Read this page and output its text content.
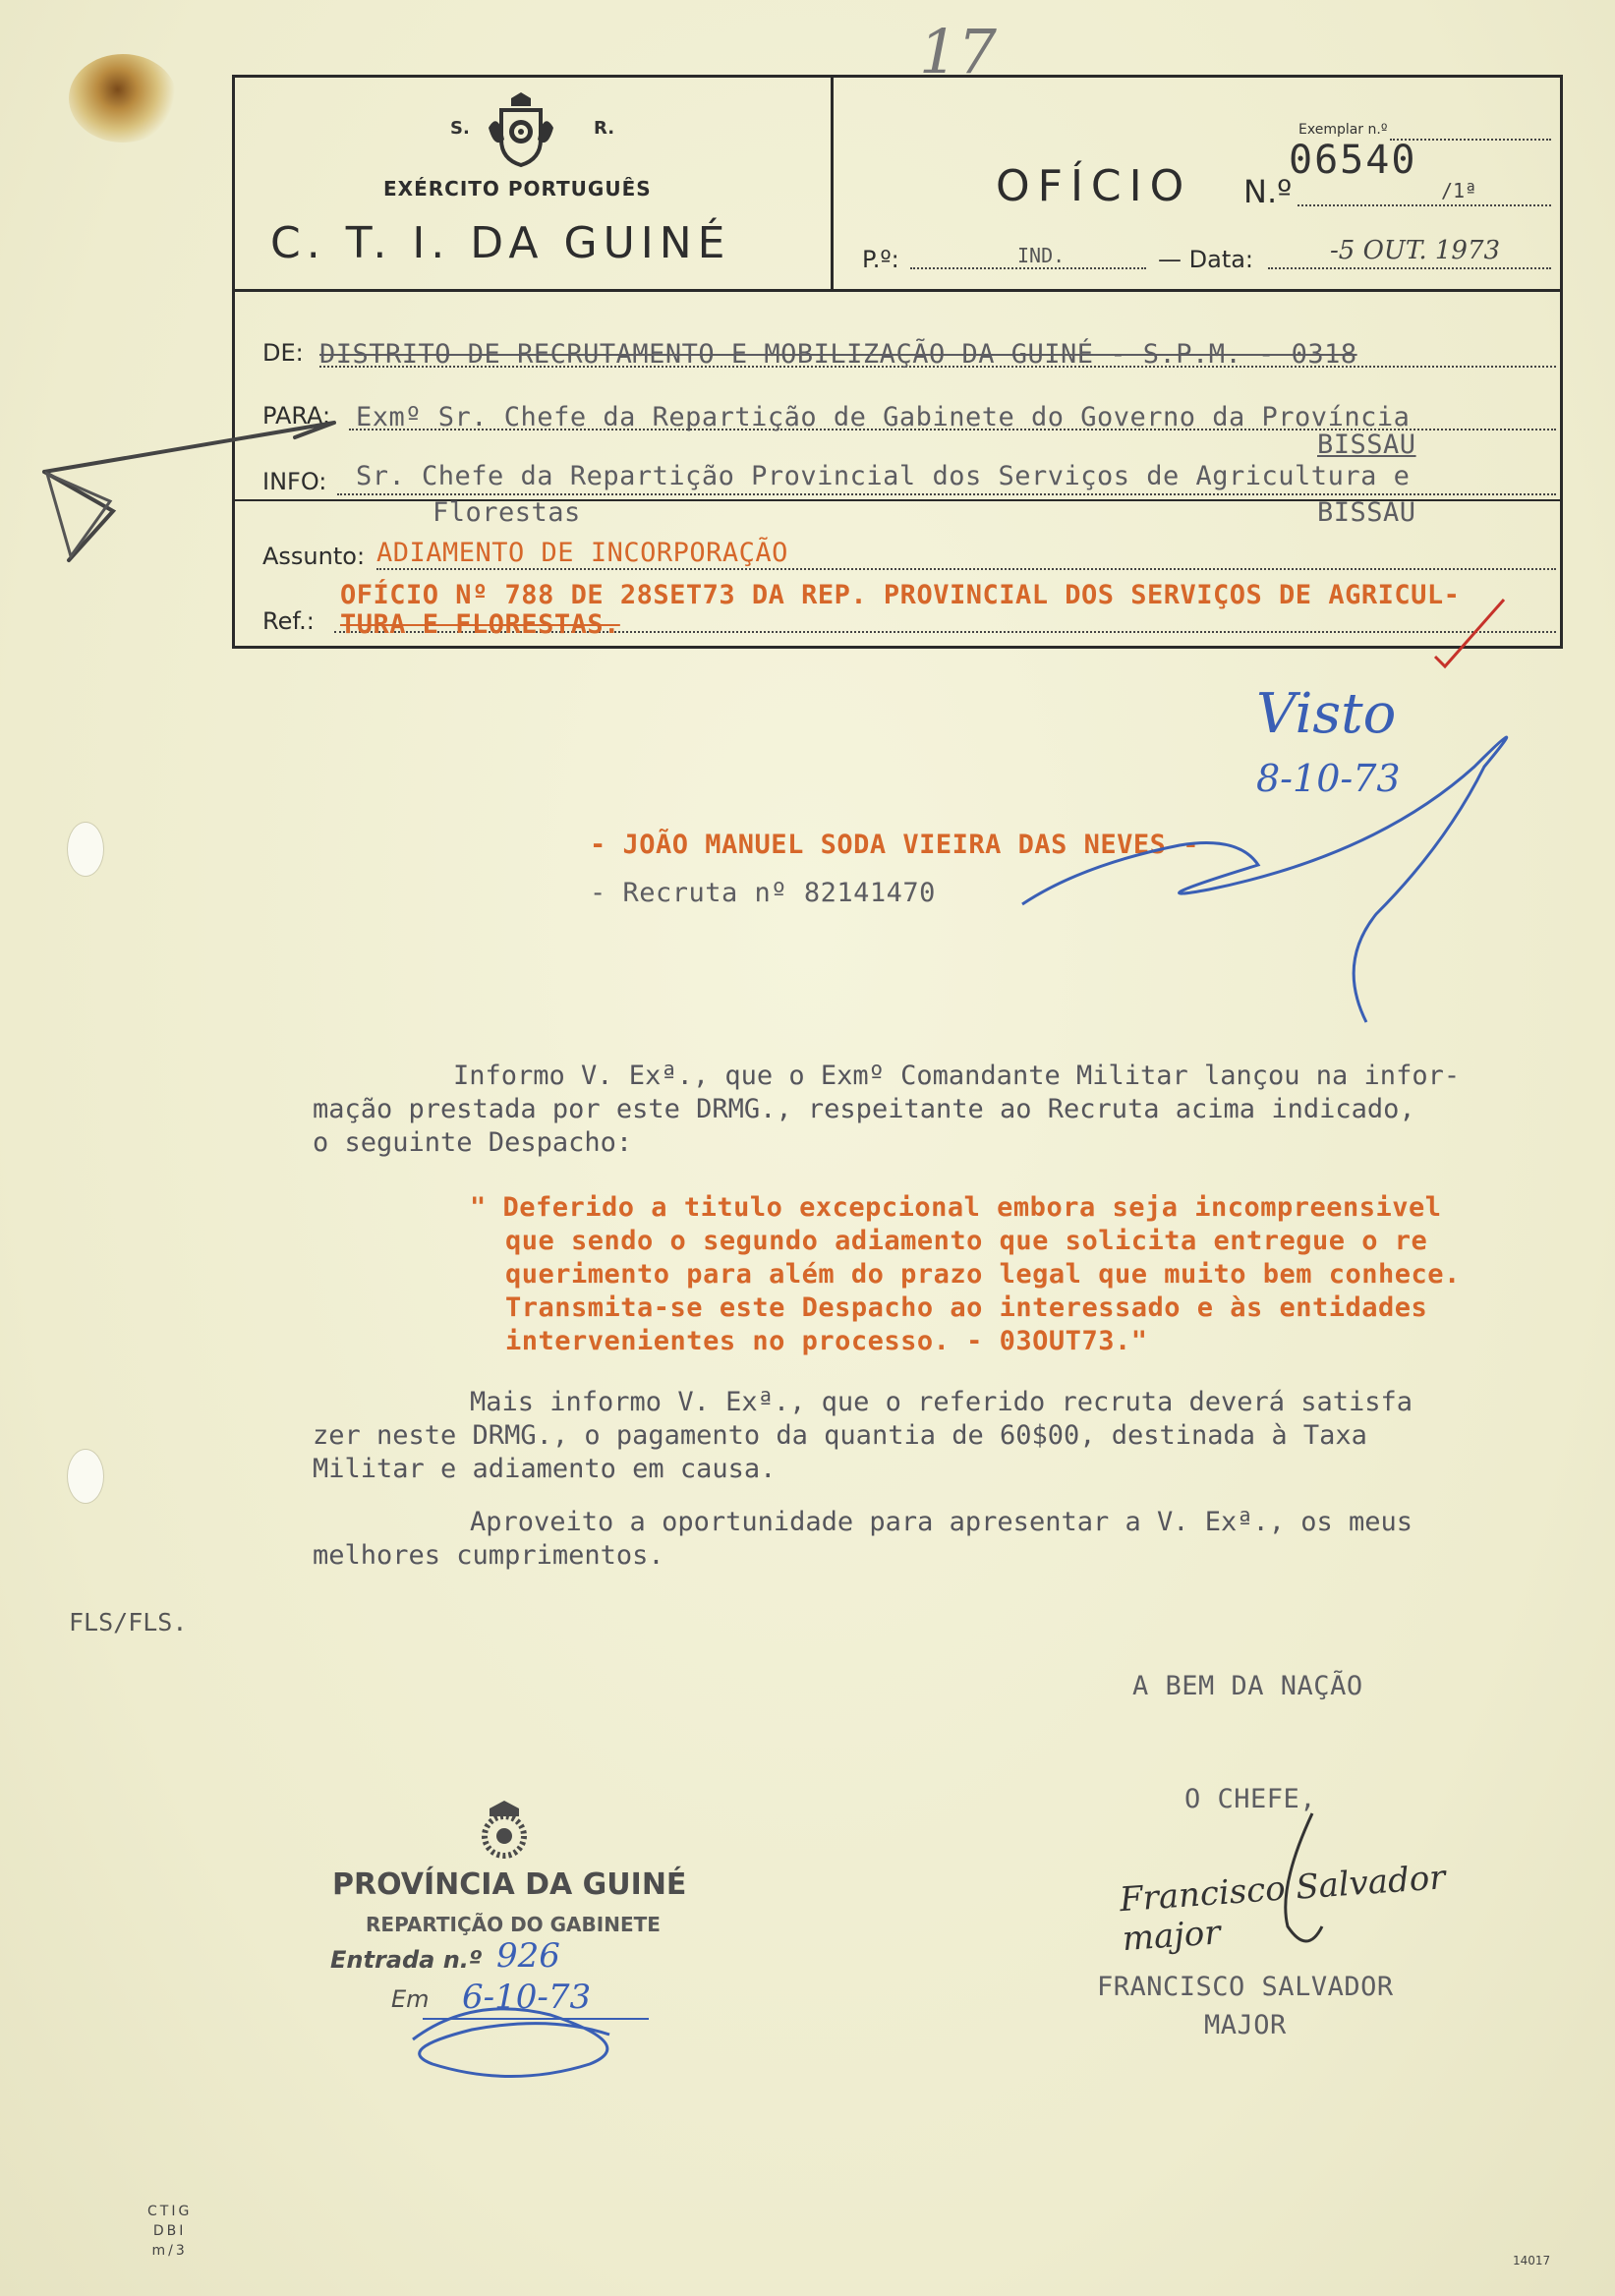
17
S.	R.
EXÉRCITO PORTUGUÊS
C. T. I. DA GUINÉ
Exemplar n.º
OFÍCIO N.º
06540
/1ª
P.º:	IND.	— Data:	-5 OUT. 1973
DE: DISTRITO DE RECRUTAMENTO E MOBILIZAÇÃO DA GUINÉ - S.P.M. - 0318
PARA: Exmº Sr. Chefe da Repartição de Gabinete do Governo da Província
BISSAU
INFO: Sr. Chefe da Repartição Provincial dos Serviços de Agricultura e
Florestas	BISSAU
Assunto: ADIAMENTO DE INCORPORAÇÃO
OFÍCIO Nº 788 DE 28SET73 DA REP. PROVINCIAL DOS SERVIÇOS DE AGRICUL-
Ref.: TURA E FLORESTAS.
- JOÃO MANUEL SODA VIEIRA DAS NEVES -
- Recruta nº 82141470
Informo V. Exª., que o Exmº Comandante Militar lançou na infor-
mação prestada por este DRMG., respeitante ao Recruta acima indicado,
o seguinte Despacho:
" Deferido a titulo excepcional embora seja incompreensivel
que sendo o segundo adiamento que solicita entregue o re
querimento para além do prazo legal que muito bem conhece.
Transmita-se este Despacho ao interessado e às entidades
intervenientes no processo. - 03OUT73."
Mais informo V. Exª., que o referido recruta deverá satisfa
zer neste DRMG., o pagamento da quantia de 60$00, destinada à Taxa
Militar e adiamento em causa.
Aproveito a oportunidade para apresentar a V. Exª., os meus
melhores cumprimentos.
FLS/FLS.
CTIG
DBI
m/3
14017
A BEM DA NAÇÃO
O CHEFE,
FRANCISCO SALVADOR
MAJOR
PROVÍNCIA DA GUINÉ
REPARTIÇÃO DO GABINETE
Entrada n.º 926
Em 6-10-73
Visto
8-10-73
Francisco Salvador major
